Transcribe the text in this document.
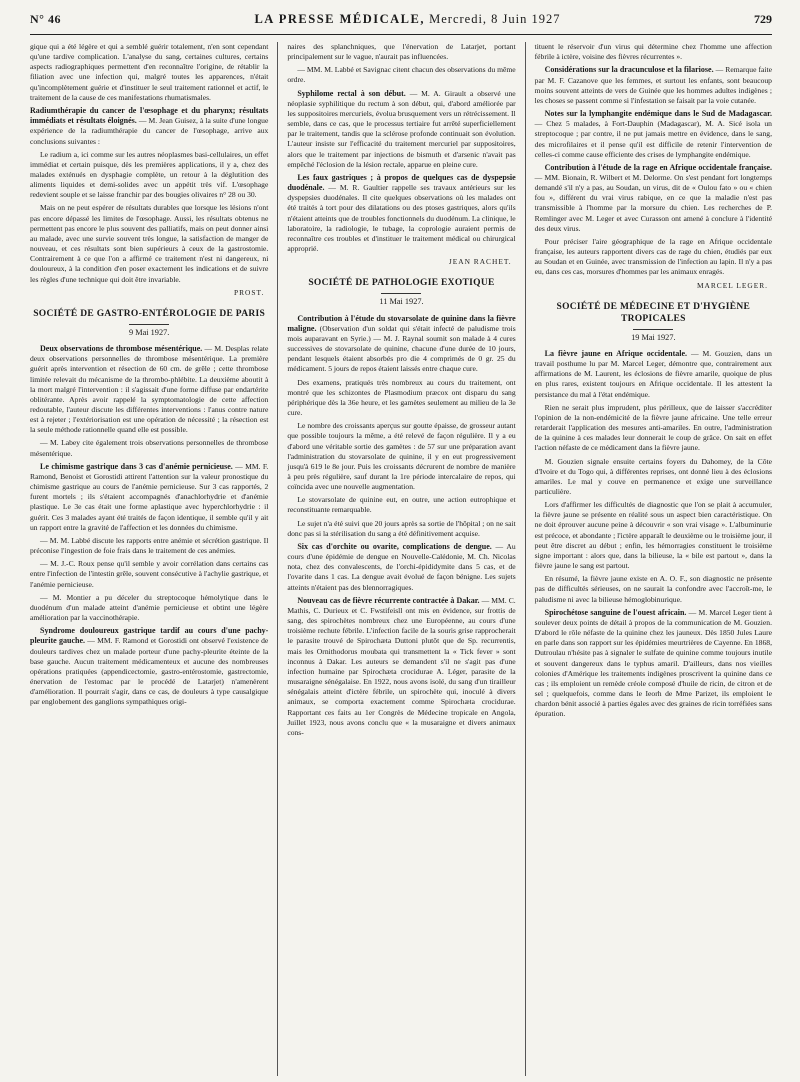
N° 46	LA PRESSE MÉDICALE, Mercredi, 8 Juin 1927	729

gique qui a été légère et qui a semblé guérir totalement, n'en sont cependant qu'une tardive complication. L'analyse du sang, certaines cultures, certains aspects radiographiques permettent d'en reconnaître l'origine, de rétablir la filiation avec une infection qui, malgré toutes les apparences, n'était qu'incomplètement guérie et d'instituer le seul traitement rationnel et actif, le traitement de la cause de ces manifestations rhumatismales.

Radiumthérapie du cancer de l'œsophage et du pharynx; résultats immédiats et résultats éloignés. — M. Jean Guisez, à la suite d'une longue expérience de la radiumthérapie du cancer de l'œsophage, arrive aux conclusions suivantes :

Le radium a, ici comme sur les autres néoplasmes basi-cellulaires, un effet immédiat et certain puisque, dès les premières applications, il y a, chez des malades exténués en dysphagie complète, un retour à la déglutition des aliments liquides et demi-solides avec un appétit très vif. L'œsophage redevient souple et se laisse franchir par des bougies olivaires n° 28 ou 30.

Mais on ne peut espérer de résultats durables que lorsque les lésions n'ont pas encore dépassé les limites de l'œsophage. Aussi, les résultats obtenus ne permettent pas encore le plus souvent des palliatifs, mais on peut donner ainsi au malade, avec une survie souvent très longue, la satisfaction de manger de nouveau, et ces résultats sont bien supérieurs à ceux de la gastrostomie. Contrairement à ce que l'on a affirmé ce traitement n'est ni dangereux, ni douloureux, à la condition d'en poser exactement les indications et de suivre les règles d'une technique qui doit être invariable.

PROST.

SOCIÉTÉ DE GASTRO-ENTÉROLOGIE DE PARIS
9 Mai 1927.

Deux observations de thrombose mésentérique. — M. Desplas relate deux observations personnelles de thrombose mésentérique. La première guérit après intervention et résection de 60 cm. de grêle ; cette thrombose limitée relevait du mécanisme de la thrombo-phlébite. La deuxième aboutit à la mort malgré l'intervention : il s'agissait d'une forme diffuse par endartérite oblitérante. Après avoir rappelé la symptomatologie de cette affection redoutable, l'auteur discute les différentes interventions : l'anus contre nature est à rejeter ; l'extériorisation est une opération de nécessité ; la résection est la seule méthode rationnelle quand elle est possible.

— M. Labey cite également trois observations personnelles de thrombose mésentérique.

Le chimisme gastrique dans 3 cas d'anémie pernicieuse. — MM. F. Ramond, Benoist et Gorostidi attirent l'attention sur la valeur pronostique du chimisme gastrique au cours de l'anémie pernicieuse. Sur 3 cas rapportés, 2 furent mortels ; ils s'étaient accompagnés d'anachlorhydrie et d'anémie plastique. Le 3e cas était une forme aplastique avec hyperchlorhydrie : il guérit. Ces 3 malades ayant été traités de façon identique, il semble qu'il y ait un rapport entre la gravité de l'affection et les données du chimisme.

— M. M. Labbé discute les rapports entre anémie et sécrétion gastrique. Il préconise l'ingestion de foie frais dans le traitement de ces anémies.

— M. J.-C. Roux pense qu'il semble y avoir corrélation dans certains cas entre l'infection de l'intestin grêle, souvent consécutive à l'achylie gastrique, et l'anémie pernicieuse.

— M. Montier a pu déceler du streptocoque hémolytique dans le duodénum d'un malade atteint d'anémie pernicieuse et obtint une légère amélioration par la vaccinothérapie.

Syndrome douloureux gastrique tardif au cours d'une pachy-pleurite gauche. — MM. F. Ramond et Gorostidi ont observé l'existence de douleurs tardives chez un malade porteur d'une pachy-pleurite éteinte de la base gauche. Aucun traitement médicamenteux et aucune des nombreuses opérations pratiquées (appendicectomie, gastro-entérostomie, gastrectomie, énervation de l'estomac par le procédé de Latarjet) n'amenèrent d'amélioration. Il pourrait s'agir, dans ce cas, de douleurs à type causalgique par englobement des ganglions sympathiques origi-

naires des splanchniques, que l'énervation de Latarjet, portant principalement sur le vague, n'aurait pas influencées.

— MM. M. Labbé et Savignac citent chacun des observations du même ordre.

Syphilome rectal à son début. — M. A. Girault a observé une néoplasie syphilitique du rectum à son début, qui, d'abord améliorée par les suppositoires mercuriels, évolua brusquement vers un rétrécissement. Il semble, dans ce cas, que le processus tertiaire fut arrêté superficiellement par le traitement, tandis que la sclérose profonde continuait son évolution. L'auteur insiste sur l'efficacité du traitement mercuriel par suppositoires, alors que le traitement par injections de bismuth et d'arsenic n'avait pas empêché l'éclosion de la lésion rectale, apparue en pleine cure.

Les faux gastriques ; à propos de quelques cas de dyspepsie duodénale. — M. R. Gaultier rappelle ses travaux antérieurs sur les dyspepsies duodénales. Il cite quelques observations où les malades ont été traités à tort pour des dilatations ou des ptoses gastriques, alors qu'ils n'étaient atteints que de troubles fonctionnels du duodénum. La clinique, le laboratoire, la radiologie, le tubage, la coprologie auraient permis de reconnaître ces troubles et d'instituer le traitement médical ou chirurgical approprié.

JEAN RACHET.

SOCIÉTÉ DE PATHOLOGIE EXOTIQUE
11 Mai 1927.

Contribution à l'étude du stovarsolate de quinine dans la fièvre maligne. (Observation d'un soldat qui s'était infecté de paludisme trois mois auparavant en Syrie.) — M. J. Raynal soumit son malade à 4 cures successives de stovarsolate de quinine, chacune d'une durée de 10 jours, pendant lesquels étaient absorbés pro die 4 comprimés de 0 gr. 25 du médicament. 5 jours de repos étaient laissés entre chaque cure.

Des examens, pratiqués très nombreux au cours du traitement, ont montré que les schizontes de Plasmodium præcox ont disparu du sang périphérique dès la 36e heure, et les gamètes seulement au milieu de la 3e cure.

Le nombre des croissants aperçus sur goutte épaisse, de grosseur autant que possible toujours la même, a été relevé de façon régulière. Il y a eu d'abord une véritable sortie des gamètes : de 57 sur une préparation avant l'administration du stovarsolate de quinine, il y en eut progressivement jusqu'à 619 le 8e jour. Puis les croissants décrurent de nombre de manière à peu près régulière, sauf durant la 1re période intercalaire de repos, qui coïncida avec une nouvelle augmentation.

Le stovarsolate de quinine eut, en outre, une action eutrophique et reconstituante remarquable.

Le sujet n'a été suivi que 20 jours après sa sortie de l'hôpital ; on ne sait donc pas si la stérilisation du sang a été définitivement acquise.

Six cas d'orchite ou ovarite, complications de dengue. — Au cours d'une épidémie de dengue en Nouvelle-Calédonie, M. Ch. Nicolas nota, chez des convalescents, de l'orchi-épididymite dans 5 cas, et de l'ovarite dans 1 cas. La dengue avait évolué de façon bénigne. Les sujets atteints n'étaient pas des blennorragiques.

Nouveau cas de fièvre récurrente contractée à Dakar. — MM. C. Mathis, C. Durieux et C. Fwstifeisll ont mis en évidence, sur frottis de sang, des spirochètes nombreux chez une Européenne, au cours d'une troisième rechute fébrile. L'infection facile de la souris grise rapprocherait le parasite trouvé de Spirochæta Duttoni plutôt que de Sp. recurrentis, mais les Ornithodorus moubata qui transmettent la « Tick fever » sont inconnus à Dakar. Les auteurs se demandent s'il ne s'agit pas d'une infection humaine par Spirochæta crocidurae A. Léger, parasite de la musaraigne sénégalaise. En 1922, nous avons isolé, du sang d'un tirailleur sénégalais atteint d'ictère fébrile, un spirochète qui, inoculé à divers animaux, se comporta exactement comme Spirochæta crocidurae. Rapportant ces faits au 1er Congrès de Médecine tropicale en Angola, Juillet 1923, nous avons conclu que « la musaraigne et divers animaux cons-

tituent le réservoir d'un virus qui détermine chez l'homme une affection fébrile à ictère, voisine des fièvres récurrentes ».

Considérations sur la dracunculose et la filariose. — Remarque faite par M. F. Cazanove que les femmes, et surtout les enfants, sont beaucoup moins souvent atteints de vers de Guinée que les hommes adultes indigènes ; les choses se passent comme si l'infestation se faisait par la voie cutanée.

Notes sur la lymphangite endémique dans le Sud de Madagascar. — Chez 5 malades, à Fort-Dauphin (Madagascar), M. A. Sicé isola un streptocoque ; par contre, il ne put jamais mettre en évidence, dans le sang, des microfilaires et il pense qu'il est difficile de retenir l'intervention de celles-ci comme cause efficiente des crises de lymphangite endémique.

Contribution à l'étude de la rage en Afrique occidentale française. — MM. Bionain, R. Wilbert et M. Delorme. On s'est pendant fort longtemps demandé s'il n'y a pas, au Soudan, un virus, dit de « Oulou fato » ou « chien fou », différent du vrai virus rabique, en ce que la maladie n'est pas transmissible à l'homme par la morsure du chien. Les recherches de P. Remlinger avec M. Leger et avec Curasson ont amené à conclure à l'identité des deux virus.

Pour préciser l'aire géographique de la rage en Afrique occidentale française, les auteurs rapportent divers cas de rage du chien, étudiés par eux au Soudan et en Guinée, avec transmission de l'infection au lapin. Il n'y a pas eu, dans ces cas, morsures d'hommes par les animaux enragés.

MARCEL LEGER.

SOCIÉTÉ DE MÉDECINE ET D'HYGIÈNE TROPICALES
19 Mai 1927.

La fièvre jaune en Afrique occidentale. — M. Gouzien, dans un travail posthume lu par M. Marcel Leger, démontre que, contrairement aux affirmations de M. Laurent, les éclosions de fièvre amarile, quoique de plus en plus rares, existent toujours en Afrique occidentale. Il les attestent la persistance du mal à l'état endémique.

Rien ne serait plus imprudent, plus périlleux, que de laisser s'accréditer l'opinion de la non-endémicité de la fièvre jaune africaine. Une telle erreur retarderait l'application des mesures anti-amariles. En outre, l'administration de la quinine à ces malades leur donnerait le coup de grâce. On sait en effet l'action néfaste de ce médicament dans la fièvre jaune.

M. Gouzien signale ensuite certains foyers du Dahomey, de la Côte d'Ivoire et du Togo qui, à différentes reprises, ont donné lieu à des éclosions amariles. Le mal y couve en permanence et exige une surveillance particulière.

Lors d'affirmer les difficultés de diagnostic que l'on se plait à accumuler, la fièvre jaune se présente en réalité sous un aspect bien caractéristique. On ne doit éprouver aucune peine à découvrir « son vrai visage ». L'albuminurie est précoce, et abondante ; l'ictère apparaît le deuxième ou le troisième jour, il peut être discret au début ; enfin, les hémorragies constituent le troisième signe important : alors que, dans la bilieuse, la « bile est partout », dans la fièvre jaune le sang est partout.

En résumé, la fièvre jaune existe en A. O. F., son diagnostic ne présente pas de difficultés sérieuses, on ne saurait la confondre avec l'accroît-me, le paludisme ni avec la bilieuse hémoglobinurique.

Spirochétose sanguine de l'ouest africain. — M. Marcel Leger tient à soulever deux points de détail à propos de la communication de M. Gouzien. D'abord le rôle néfaste de la quinine chez les jauneux. Dès 1850 Jules Laure en parle dans son rapport sur les épidémies meurtrières de Cayenne. En 1868, Dutroulau n'hésite pas à signaler le sulfate de quinine comme toujours inutile et souvent dangereux dans le typhus amaril. D'ailleurs, dans nos vieilles colonies d'Amérique les traitements indigènes proscrivent la quinine dans ce cas ; ils emploient un remède créole composé d'huile de ricin, de citron et de sel ; quelquefois, comme dans le Ieorh de Mme Parizet, ils emploient le chardon bénit associé à parties égales avec des graines de ricin torréfiées sans épuration.
